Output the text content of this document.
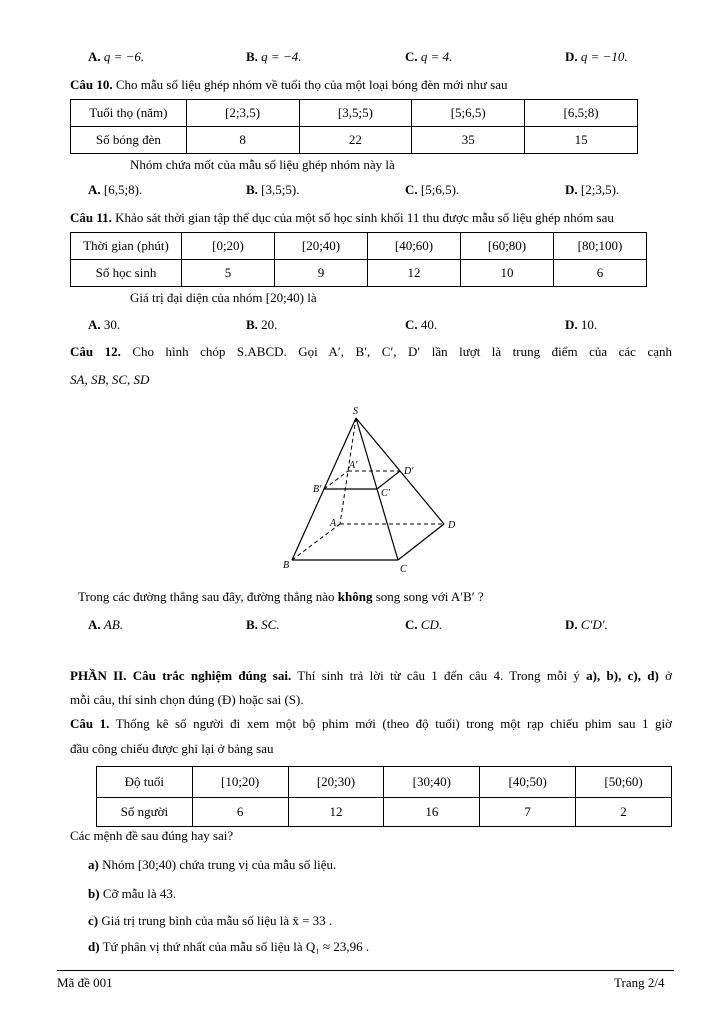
A. q = −6.	B. q = −4.	C. q = 4.	D. q = −10.
Câu 10. Cho mẫu số liệu ghép nhóm về tuổi thọ của một loại bóng đèn mới như sau
Tuổi thọ (năm)	[2;3,5)	[3,5;5)	[5;6,5)	[6,5;8)
Số bóng đèn	8	22	35	15
Nhóm chứa mốt của mẫu số liệu ghép nhóm này là
A. [6,5;8).	B. [3,5;5).	C. [5;6,5).	D. [2;3,5).
Câu 11. Khảo sát thời gian tập thể dục của một số học sinh khối 11 thu được mẫu số liệu ghép nhóm sau
Thời gian (phút)	[0;20)	[20;40)	[40;60)	[60;80)	[80;100)
Số học sinh	5	9	12	10	6
Giá trị đại diện của nhóm [20;40) là
A. 30.	B. 20.	C. 40.	D. 10.
Câu 12. Cho hình chóp S.ABCD. Gọi A′, B′, C′, D′ lần lượt là trung điểm của các cạnh
SA, SB, SC, SD
S
A
B	C
D
A′
B′	C′
D′
Trong các đường thẳng sau đây, đường thẳng nào không song song với A′B′ ?
A. AB.	B. SC.	C. CD.	D. C′D′.
PHẦN II. Câu trắc nghiệm đúng sai. Thí sinh trả lời từ câu 1 đến câu 4. Trong mỗi ý a), b), c), d) ở
mỗi câu, thí sinh chọn đúng (Đ) hoặc sai (S).
Câu 1. Thống kê số người đi xem một bộ phim mới (theo độ tuổi) trong một rạp chiếu phim sau 1 giờ
đầu công chiếu được ghi lại ở bảng sau
Độ tuổi	[10;20)	[20;30)	[30;40)	[40;50)	[50;60)
Số người	6	12	16	7	2
Các mệnh đề sau đúng hay sai?
a) Nhóm [30;40) chứa trung vị của mẫu số liệu.
b) Cỡ mẫu là 43.
c) Giá trị trung bình của mẫu số liệu là x̄ = 33 .
d) Tứ phân vị thứ nhất của mẫu số liệu là Q₁ ≈ 23,96 .
Mã đề 001	Trang 2/4
